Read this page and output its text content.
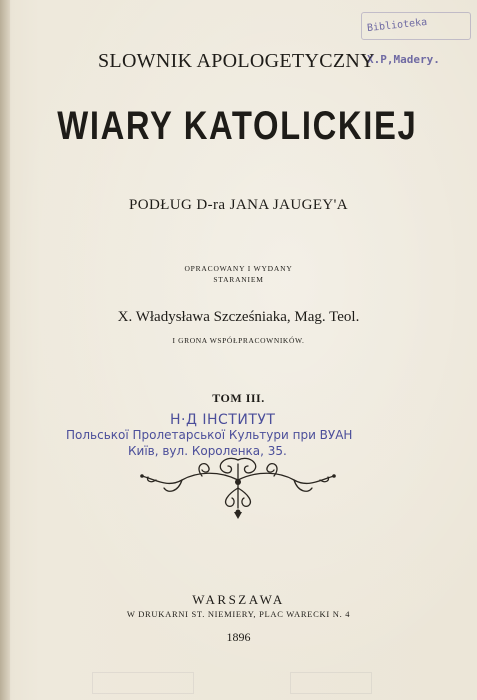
Biblioteka
X.P,Madery.
SLOWNIK APOLOGETYCZNY
WIARY KATOLICKIEJ
PODŁUG D-ra JANA JAUGEY'A
OPRACOWANY I WYDANY
STARANIEM
X. Władysława Szcześniaka, Mag. Teol.
I GRONA WSPÓŁPRACOWNIKÓW.
TOM III.
Н·Д ІНСТИТУТ
Польської Пролетарської Культури при ВУАН
Київ, вул. Короленка, 35.
WARSZAWA
W DRUKARNI ST. NIEMIERY, PLAC WARECKI N. 4
1896
